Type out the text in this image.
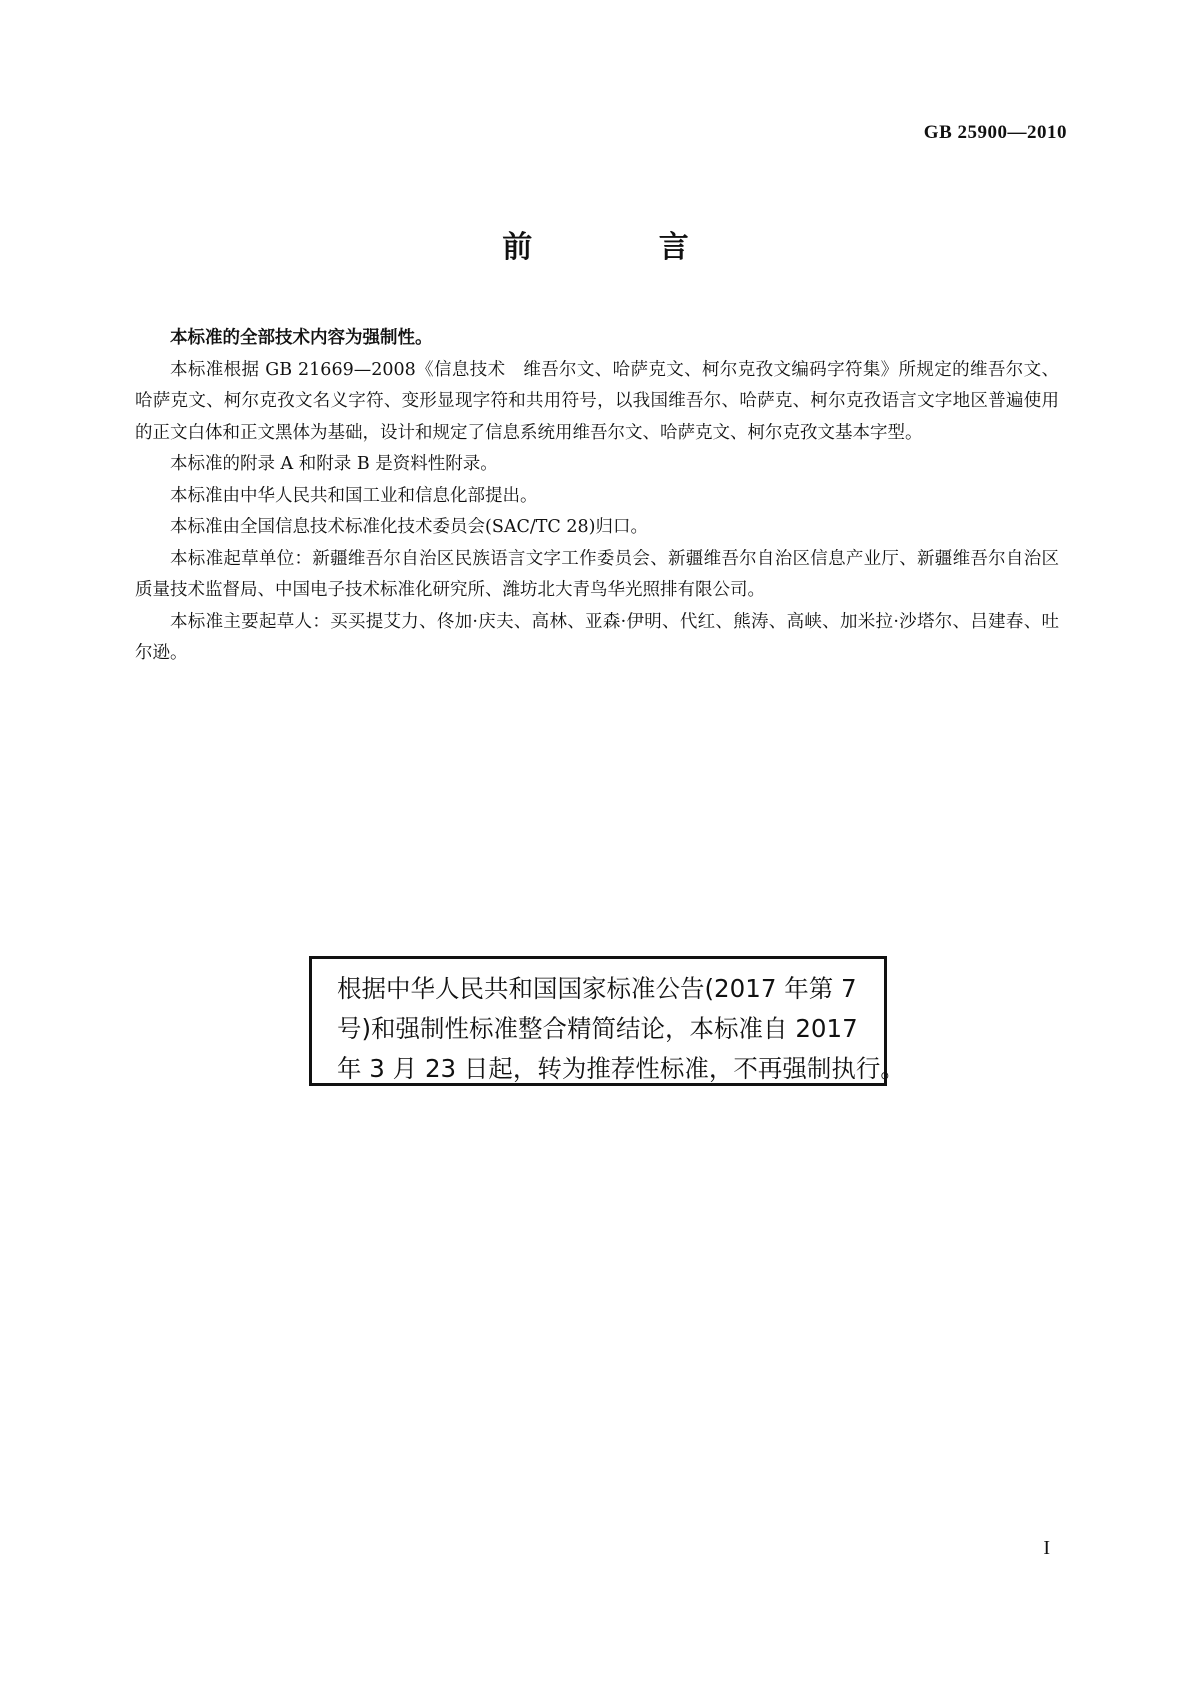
GB 25900—2010
前 言

本标准的全部技术内容为强制性。

本标准根据 GB 21669—2008《信息技术　维吾尔文、哈萨克文、柯尔克孜文编码字符集》所规定的维吾尔文、哈萨克文、柯尔克孜文名义字符、变形显现字符和共用符号，以我国维吾尔、哈萨克、柯尔克孜语言文字地区普遍使用的正文白体和正文黑体为基础，设计和规定了信息系统用维吾尔文、哈萨克文、柯尔克孜文基本字型。

本标准的附录 A 和附录 B 是资料性附录。

本标准由中华人民共和国工业和信息化部提出。

本标准由全国信息技术标准化技术委员会(SAC/TC 28)归口。

本标准起草单位：新疆维吾尔自治区民族语言文字工作委员会、新疆维吾尔自治区信息产业厅、新疆维吾尔自治区质量技术监督局、中国电子技术标准化研究所、潍坊北大青鸟华光照排有限公司。

本标准主要起草人：买买提艾力、佟加·庆夫、高林、亚森·伊明、代红、熊涛、高峡、加米拉·沙塔尔、吕建春、吐尔逊。

根据中华人民共和国国家标准公告(2017 年第 7
号)和强制性标准整合精简结论，本标准自 2017
年 3 月 23 日起，转为推荐性标准，不再强制执行。
I
